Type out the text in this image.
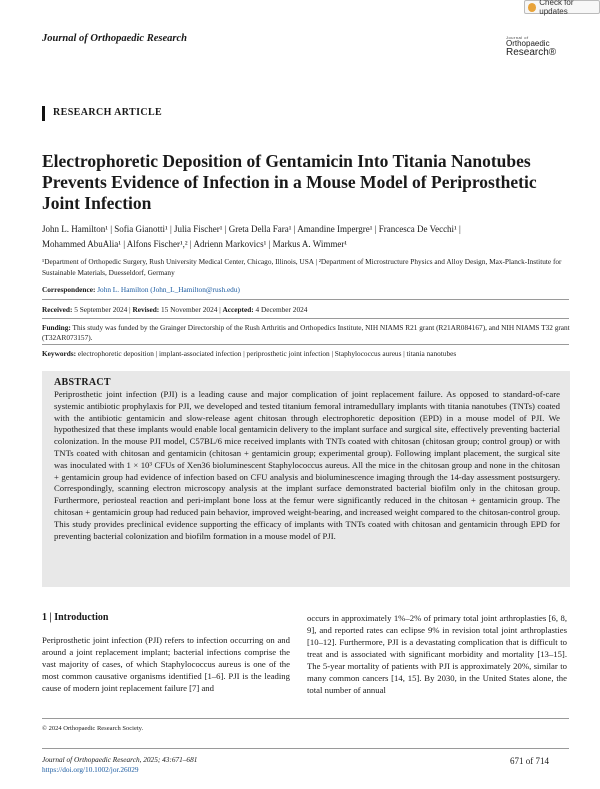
Check for updates
Journal of Orthopaedic Research	Journal of
Orthopaedic
Research®
RESEARCH ARTICLE
Electrophoretic Deposition of Gentamicin Into Titania Nanotubes Prevents Evidence of Infection in a Mouse Model of Periprosthetic Joint Infection
John L. Hamilton¹ | Sofia Gianotti¹ | Julia Fischer¹ | Greta Della Fara¹ | Amandine Impergre¹ | Francesca De Vecchi¹ |
Mohammed AbuAlia¹ | Alfons Fischer¹,² | Adrienn Markovics¹ | Markus A. Wimmer¹
¹Department of Orthopedic Surgery, Rush University Medical Center, Chicago, Illinois, USA | ²Department of Microstructure Physics and Alloy Design, Max-Planck-Institute for Sustainable Materials, Duesseldorf, Germany
Correspondence: John L. Hamilton (John_L_Hamilton@rush.edu)
Received: 5 September 2024 | Revised: 15 November 2024 | Accepted: 4 December 2024
Funding: This study was funded by the Grainger Directorship of the Rush Arthritis and Orthopedics Institute, NIH NIAMS R21 grant (R21AR084167), and NIH NIAMS T32 grant (T32AR073157).
Keywords: electrophoretic deposition | implant-associated infection | periprosthetic joint infection | Staphylococcus aureus | titania nanotubes
ABSTRACT
Periprosthetic joint infection (PJI) is a leading cause and major complication of joint replacement failure. As opposed to standard-of-care systemic antibiotic prophylaxis for PJI, we developed and tested titanium femoral intramedullary implants with titania nanotubes (TNTs) coated with the antibiotic gentamicin and slow-release agent chitosan through electrophoretic deposition (EPD) in a mouse model of PJI. We hypothesized that these implants would enable local gentamicin delivery to the implant surface and surgical site, effectively preventing bacterial colonization. In the mouse PJI model, C57BL/6 mice received implants with TNTs coated with chitosan (chitosan group; control group) or with TNTs coated with chitosan and gentamicin (chitosan + gentamicin group; experimental group). Following implant placement, the surgical site was inoculated with 1 × 10³ CFUs of Xen36 bioluminescent Staphylococcus aureus. All the mice in the chitosan group and none in the chitosan + gentamicin group had evidence of infection based on CFU analysis and bioluminescence imaging through the 14-day assessment postsurgery. Correspondingly, scanning electron microscopy analysis at the implant surface demonstrated bacterial biofilm only in the chitosan group. Furthermore, periosteal reaction and peri-implant bone loss at the femur were significantly reduced in the chitosan + gentamicin group. The chitosan + gentamicin group had reduced pain behavior, improved weight-bearing, and increased weight compared to the chitosan-control group. This study provides preclinical evidence supporting the efficacy of implants with TNTs coated with chitosan and gentamicin through EPD for preventing bacterial colonization and biofilm formation in a mouse model of PJI.
1 | Introduction
Periprosthetic joint infection (PJI) refers to infection occurring on and around a joint replacement implant; bacterial infections comprise the vast majority of cases, of which Staphylococcus aureus is one of the most common causative organisms identified [1–6]. PJI is the leading cause of modern joint replacement failure [7] and
occurs in approximately 1%–2% of primary total joint arthroplasties [6, 8, 9], and reported rates can eclipse 9% in revision total joint arthroplasties [10–12]. Furthermore, PJI is a devastating complication that is difficult to treat and is associated with significant morbidity and mortality [13–15]. The 5-year mortality of patients with PJI is approximately 20%, similar to many common cancers [14, 15]. By 2030, in the United States alone, the total number of annual
© 2024 Orthopaedic Research Society.
Journal of Orthopaedic Research, 2025; 43:671–681
https://doi.org/10.1002/jor.26029
671 of 714
